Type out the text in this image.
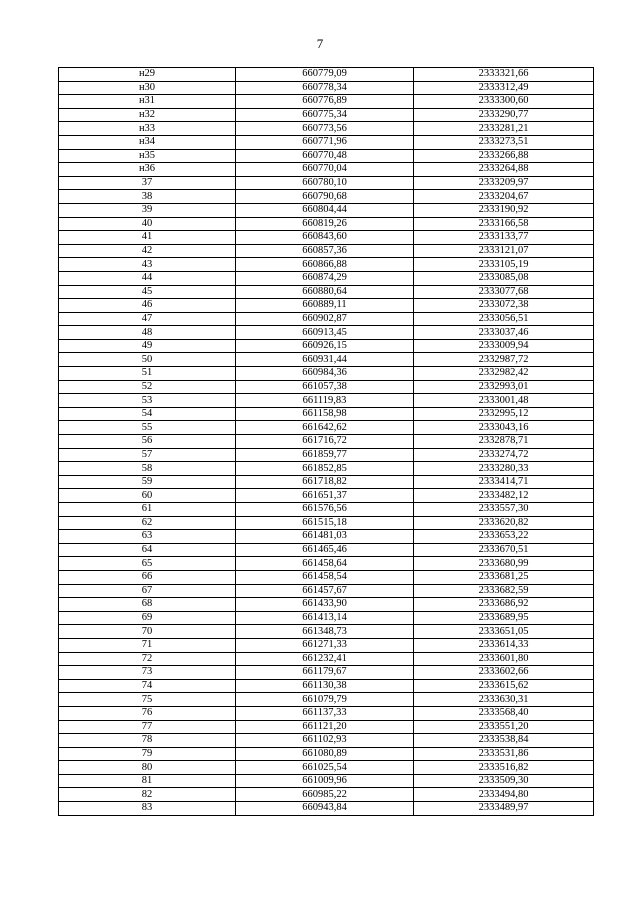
7
н29	660779,09	2333321,66
н30	660778,34	2333312,49
н31	660776,89	2333300,60
н32	660775,34	2333290,77
н33	660773,56	2333281,21
н34	660771,96	2333273,51
н35	660770,48	2333266,88
н36	660770,04	2333264,88
37	660780,10	2333209,97
38	660790,68	2333204,67
39	660804,44	2333190,92
40	660819,26	2333166,58
41	660843,60	2333133,77
42	660857,36	2333121,07
43	660866,88	2333105,19
44	660874,29	2333085,08
45	660880,64	2333077,68
46	660889,11	2333072,38
47	660902,87	2333056,51
48	660913,45	2333037,46
49	660926,15	2333009,94
50	660931,44	2332987,72
51	660984,36	2332982,42
52	661057,38	2332993,01
53	661119,83	2333001,48
54	661158,98	2332995,12
55	661642,62	2333043,16
56	661716,72	2332878,71
57	661859,77	2333274,72
58	661852,85	2333280,33
59	661718,82	2333414,71
60	661651,37	2333482,12
61	661576,56	2333557,30
62	661515,18	2333620,82
63	661481,03	2333653,22
64	661465,46	2333670,51
65	661458,64	2333680,99
66	661458,54	2333681,25
67	661457,67	2333682,59
68	661433,90	2333686,92
69	661413,14	2333689,95
70	661348,73	2333651,05
71	661271,33	2333614,33
72	661232,41	2333601,80
73	661179,67	2333602,66
74	661130,38	2333615,62
75	661079,79	2333630,31
76	661137,33	2333568,40
77	661121,20	2333551,20
78	661102,93	2333538,84
79	661080,89	2333531,86
80	661025,54	2333516,82
81	661009,96	2333509,30
82	660985,22	2333494,80
83	660943,84	2333489,97
